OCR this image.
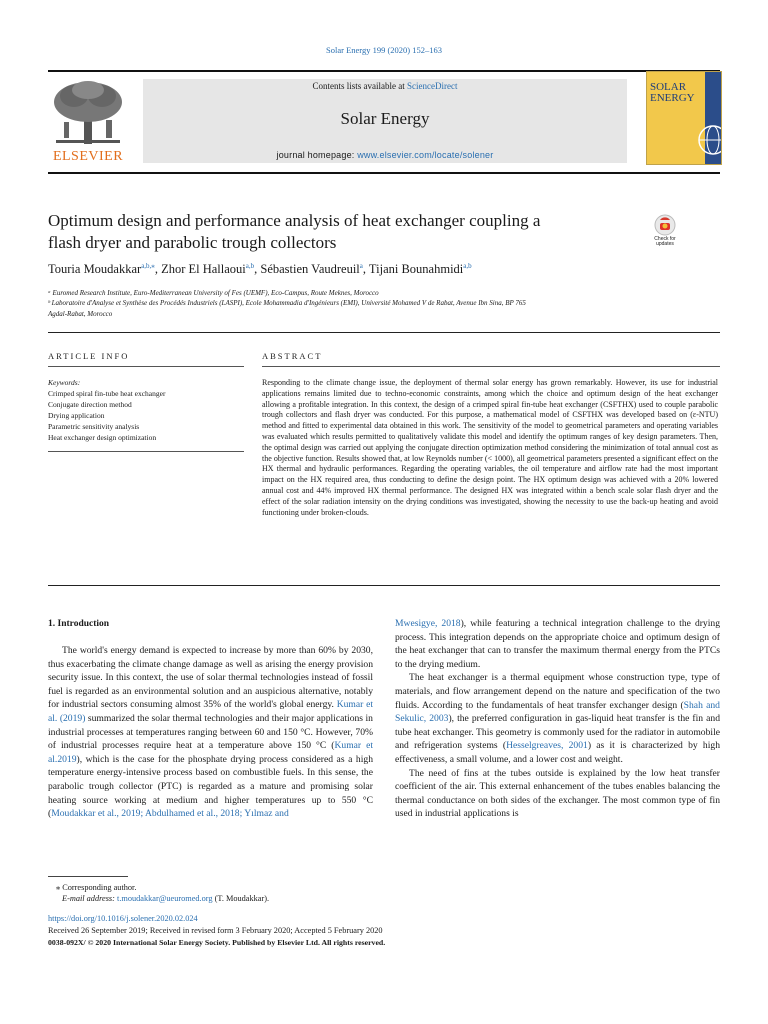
Solar Energy 199 (2020) 152–163
ELSEVIER
Contents lists available at ScienceDirect
Solar Energy
journal homepage: www.elsevier.com/locate/solener
SOLAR
ENERGY
Optimum design and performance analysis of heat exchanger coupling a
flash dryer and parabolic trough collectors	Check for
updates
Touria Moudakkar$^{a,b,⁎}$, Zhor El Hallaoui$^{a,b}$, Sébastien Vaudreuil$^a$, Tijani Bounahmidi$^{a,b}$
ᵃ Euromed Research Institute, Euro-Mediterranean University of Fes (UEMF), Eco-Campus, Route Meknes, Morocco
ᵇ Laboratoire d'Analyse et Synthèse des Procédés Industriels (LASPI), Ecole Mohammadia d'Ingénieurs (EMI), Université Mohamed V de Rabat, Avenue Ibn Sina, BP 765
Agdal-Rabat, Morocco
ARTICLE INFO
Keywords:
Crimped spiral fin-tube heat exchanger
Conjugate direction method
Drying application
Parametric sensitivity analysis
Heat exchanger design optimization
ABSTRACT
Responding to the climate change issue, the deployment of thermal solar energy has grown remarkably. However, its use for industrial applications remains limited due to techno-economic constraints, among which the choice and optimum design of the heat exchanger allowing a profitable integration. In this context, the design of a crimped spiral fin-tube heat exchanger (CSFTHX) used to couple parabolic trough collectors and flash dryer was conducted. For this purpose, a mathematical model of CSFTHX was developed based on (ε-NTU) method and fitted to experimental data obtained in this work. The sensitivity of the model to geometrical parameters and operating variables was evaluated which results permitted to qualitatively validate this model and identify the optimum ranges of key design parameters. Then, the optimal design was carried out applying the conjugate direction optimization method considering the minimization of total annual cost as the objective function. Results showed that, at low Reynolds number (< 1000), all geometrical parameters presented a significant effect on the HX thermal and hydraulic performances. Regarding the operating variables, the oil temperature and airflow rate had the most important impact on the HX required area, thus conducting to define the design point. The HX optimum design was achieved with a 20% lowered annual cost and 44% improved HX thermal performance. The designed HX was integrated within a bench scale solar flash dryer and the effect of the solar radiation intensity on the drying conditions was investigated, showing the necessity to use the back-up heating and avoid functioning under broken-clouds.
1. Introduction

The world's energy demand is expected to increase by more than 60% by 2030, thus exacerbating the climate change damage as well as arising the energy provision security issue. In this context, the use of solar thermal technologies instead of fossil fuel is regarded as an environmental solution and an auspicious alternative, notably for industrial sectors consuming almost 35% of the world's global energy. Kumar et al. (2019) summarized the solar thermal technologies and their major applications in industrial processes at temperatures ranging between 60 and 150 °C. However, 70% of industrial processes require heat at a temperature above 150 °C (Kumar et al.2019), which is the case for the phosphate drying process considered as a high temperature energy-intensive process based on combustible fuels. In this sense, the parabolic trough collector (PTC) is regarded as a mature and promising solar heating source working at medium and higher temperatures up to 550 °C (Moudakkar et al., 2019; Abdulhamed et al., 2018; Yılmaz and

Mwesigye, 2018), while featuring a technical integration challenge to the drying process. This integration depends on the appropriate choice and optimum design of the heat exchanger that can to transfer the maximum thermal energy from the PTCs to the drying medium.

The heat exchanger is a thermal equipment whose construction type, type of materials, and flow arrangement depend on the nature and specification of the two fluids. According to the fundamentals of heat transfer exchanger design (Shah and Sekulic, 2003), the preferred configuration in gas-liquid heat transfer is the fin and tube heat exchanger. This geometry is commonly used for the radiator in automobile and refrigeration systems (Hesselgreaves, 2001) as it is characterized by high effectiveness, a small volume, and a lower cost and weight.

The need of fins at the tubes outside is explained by the low heat transfer coefficient of the air. This external enhancement of the tubes enables balancing the thermal conductance on both sides of the exchanger. The most common type of fin used in industrial applications is

⁎ Corresponding author.
E-mail address: t.moudakkar@ueuromed.org (T. Moudakkar).
https://doi.org/10.1016/j.solener.2020.02.024
Received 26 September 2019; Received in revised form 3 February 2020; Accepted 5 February 2020
0038-092X/ © 2020 International Solar Energy Society. Published by Elsevier Ltd. All rights reserved.
